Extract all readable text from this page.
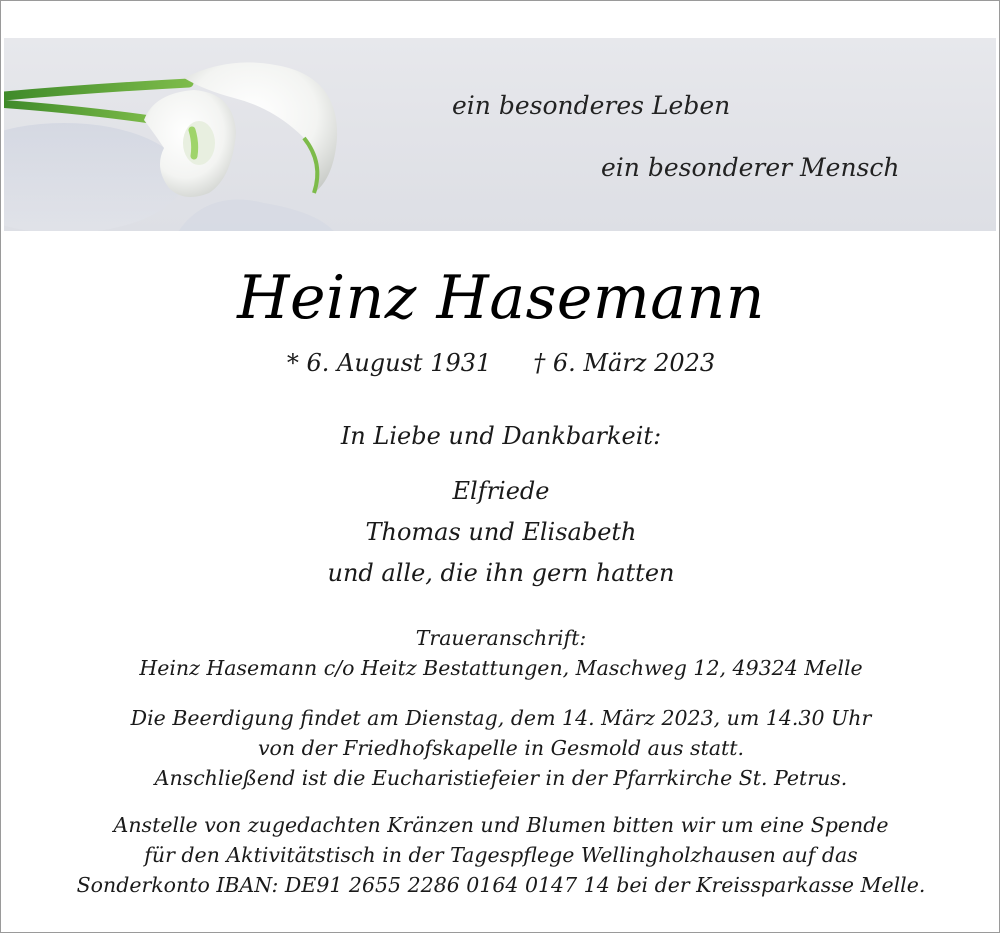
ein besonderes Leben
ein besonderer Mensch
Heinz Hasemann
* 6. August 1931 † 6. März 2023
In Liebe und Dankbarkeit:
Elfriede
Thomas und Elisabeth
und alle, die ihn gern hatten
Traueranschrift:
Heinz Hasemann c/o Heitz Bestattungen, Maschweg 12, 49324 Melle
Die Beerdigung findet am Dienstag, dem 14. März 2023, um 14.30 Uhr
von der Friedhofskapelle in Gesmold aus statt.
Anschließend ist die Eucharistiefeier in der Pfarrkirche St. Petrus.
Anstelle von zugedachten Kränzen und Blumen bitten wir um eine Spende
für den Aktivitätstisch in der Tagespflege Wellingholzhausen auf das
Sonderkonto IBAN: DE91 2655 2286 0164 0147 14 bei der Kreissparkasse Melle.
